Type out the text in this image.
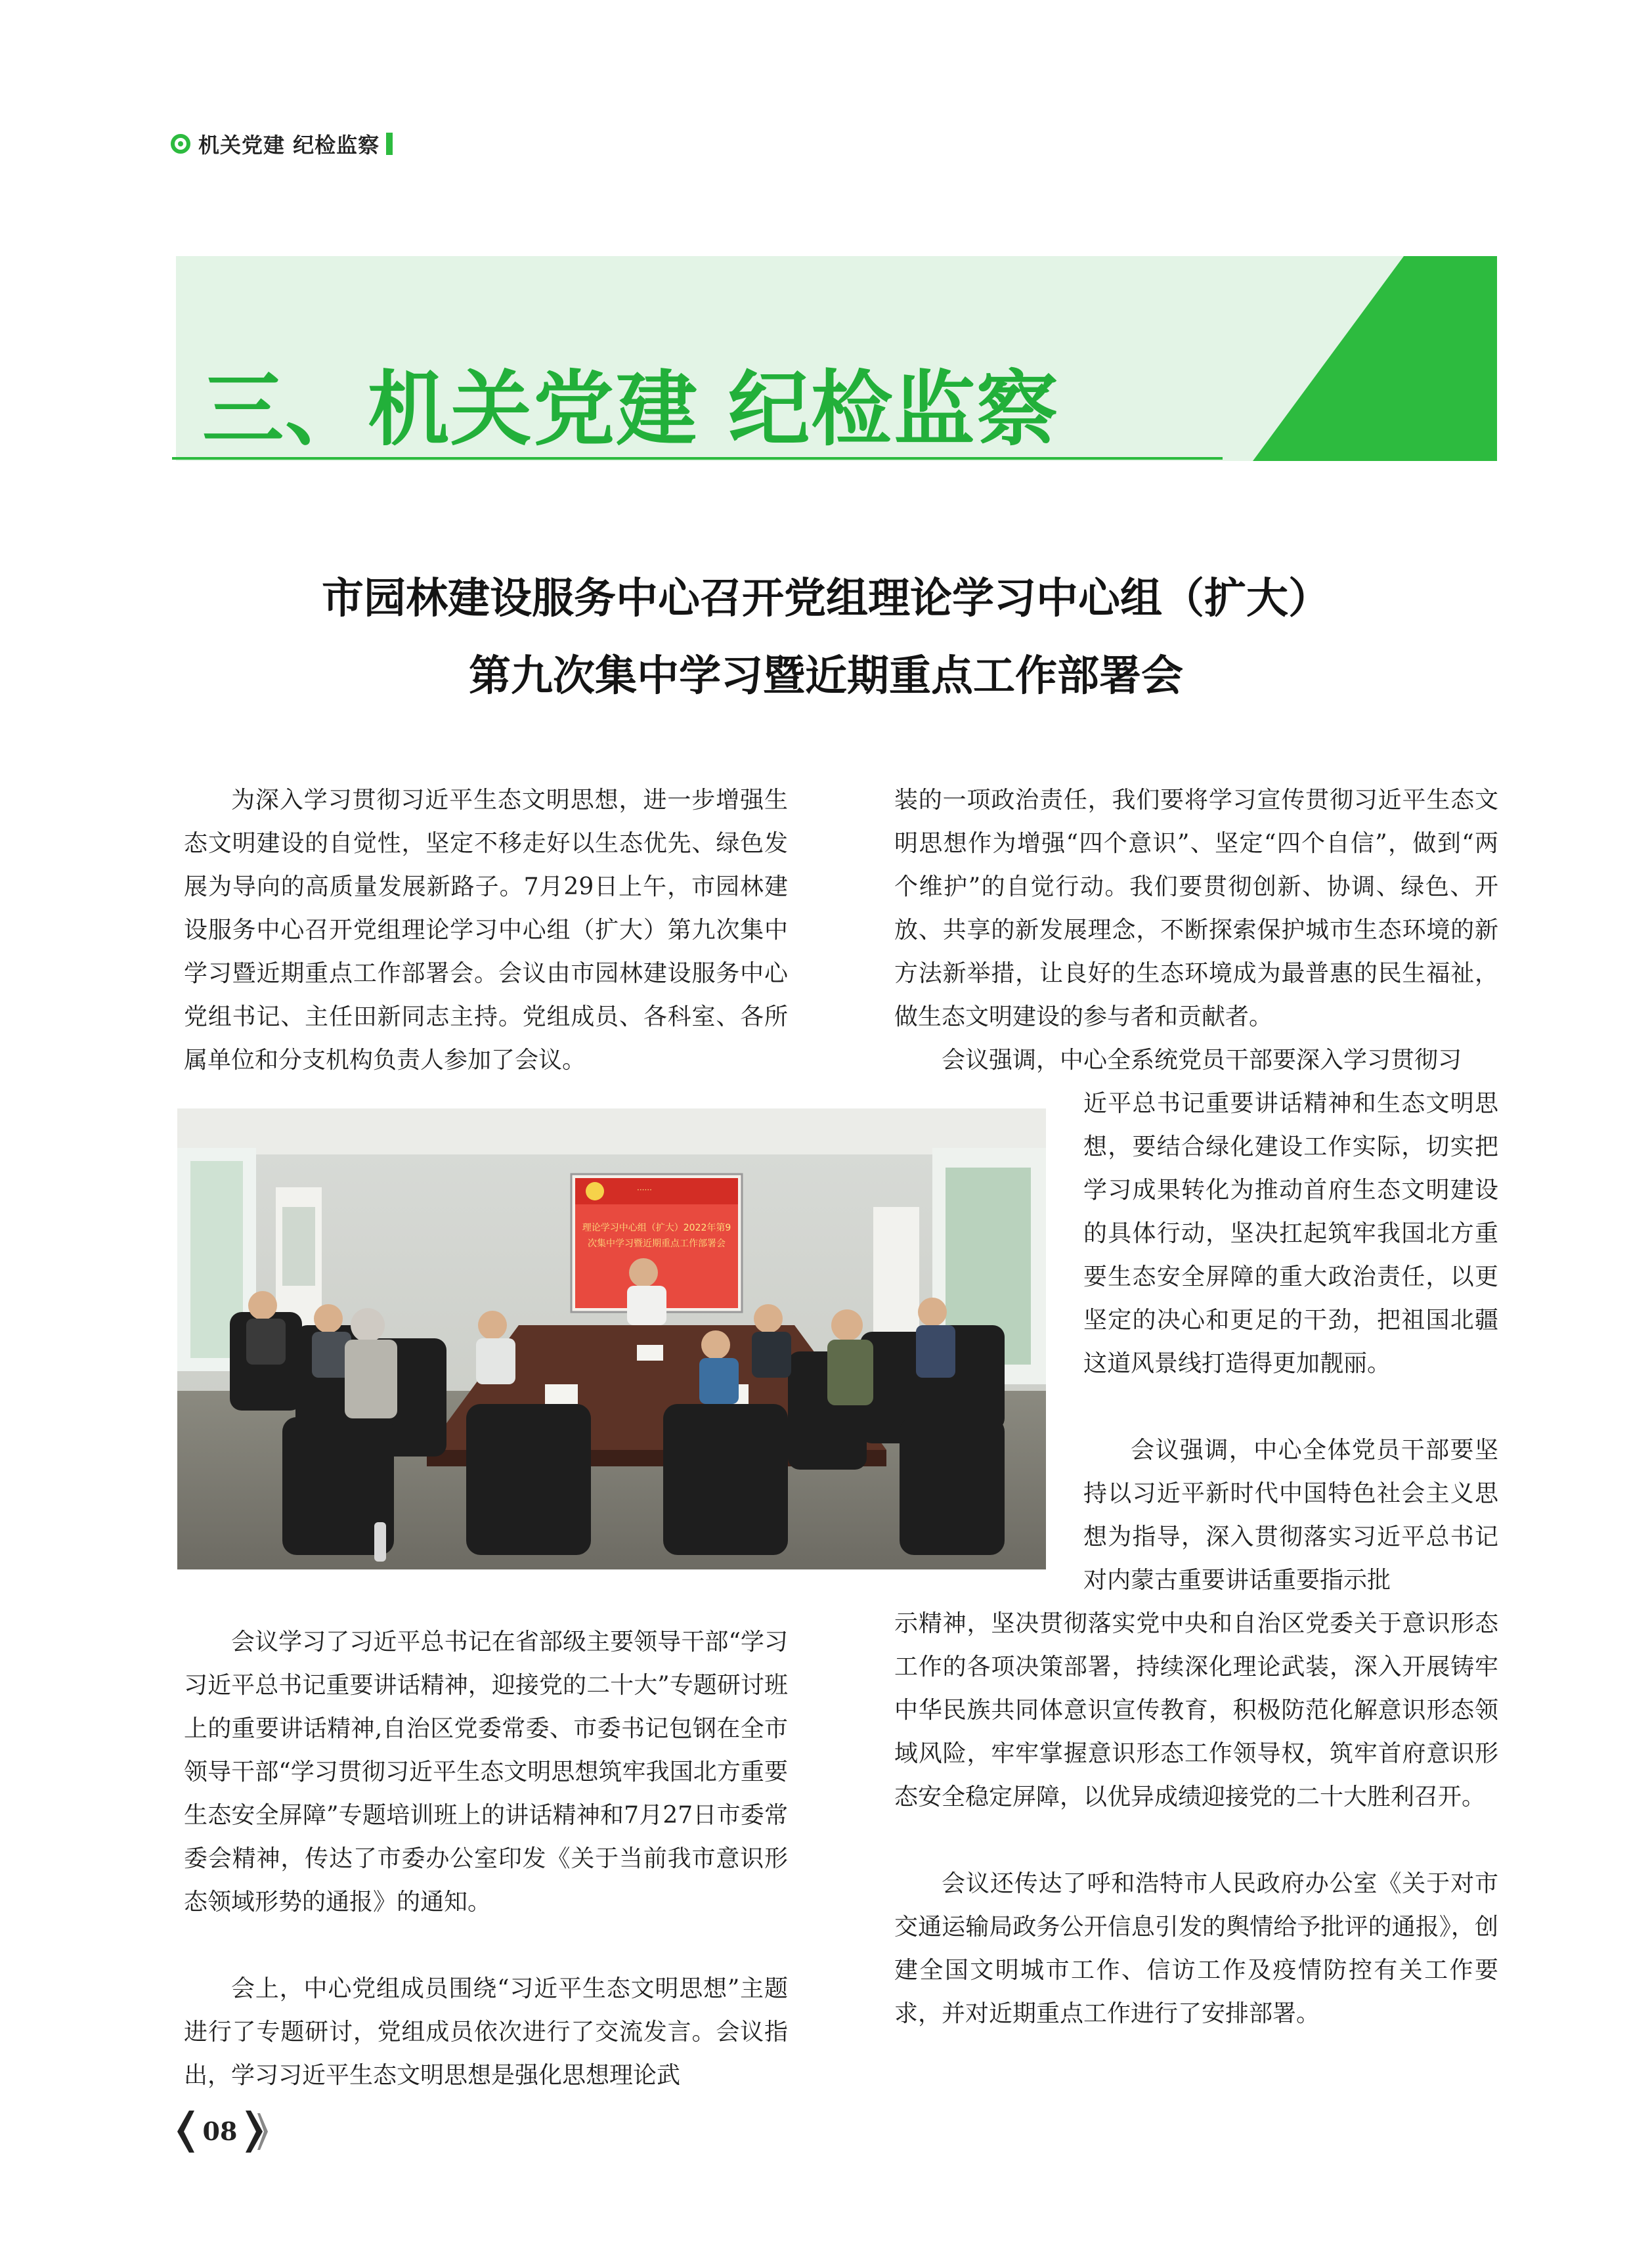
机关党建 纪检监察
三、机关党建 纪检监察
市园林建设服务中心召开党组理论学习中心组（扩大）
第九次集中学习暨近期重点工作部署会

为深入学习贯彻习近平生态文明思想，进一步增强生态文明建设的自觉性，坚定不移走好以生态优先、绿色发展为导向的高质量发展新路子。7月29日上午，市园林建设服务中心召开党组理论学习中心组（扩大）第九次集中学习暨近期重点工作部署会。会议由市园林建设服务中心党组书记、主任田新同志主持。党组成员、各科室、各所属单位和分支机构负责人参加了会议。

······
理论学习中心组（扩大）2022年第9
次集中学习暨近期重点工作部署会

会议学习了习近平总书记在省部级主要领导干部“学习习近平总书记重要讲话精神，迎接党的二十大”专题研讨班上的重要讲话精神,自治区党委常委、市委书记包钢在全市领导干部“学习贯彻习近平生态文明思想筑牢我国北方重要生态安全屏障”专题培训班上的讲话精神和7月27日市委常委会精神，传达了市委办公室印发《关于当前我市意识形态领域形势的通报》的通知。

会上，中心党组成员围绕“习近平生态文明思想”主题进行了专题研讨，党组成员依次进行了交流发言。会议指出，学习习近平生态文明思想是强化思想理论武

装的一项政治责任，我们要将学习宣传贯彻习近平生态文明思想作为增强“四个意识”、坚定“四个自信”，做到“两个维护”的自觉行动。我们要贯彻创新、协调、绿色、开放、共享的新发展理念，不断探索保护城市生态环境的新方法新举措，让良好的生态环境成为最普惠的民生福祉，做生态文明建设的参与者和贡献者。

会议强调，中心全系统党员干部要深入学习贯彻习

近平总书记重要讲话精神和生态文明思想，要结合绿化建设工作实际，切实把学习成果转化为推动首府生态文明建设的具体行动，坚决扛起筑牢我国北方重要生态安全屏障的重大政治责任，以更坚定的决心和更足的干劲，把祖国北疆这道风景线打造得更加靓丽。

会议强调，中心全体党员干部要坚持以习近平新时代中国特色社会主义思想为指导，深入贯彻落实习近平总书记对内蒙古重要讲话重要指示批

示精神，坚决贯彻落实党中央和自治区党委关于意识形态工作的各项决策部署，持续深化理论武装，深入开展铸牢中华民族共同体意识宣传教育，积极防范化解意识形态领域风险，牢牢掌握意识形态工作领导权，筑牢首府意识形态安全稳定屏障，以优异成绩迎接党的二十大胜利召开。

会议还传达了呼和浩特市人民政府办公室《关于对市交通运输局政务公开信息引发的舆情给予批评的通报》，创建全国文明城市工作、信访工作及疫情防控有关工作要求，并对近期重点工作进行了安排部署。

08
